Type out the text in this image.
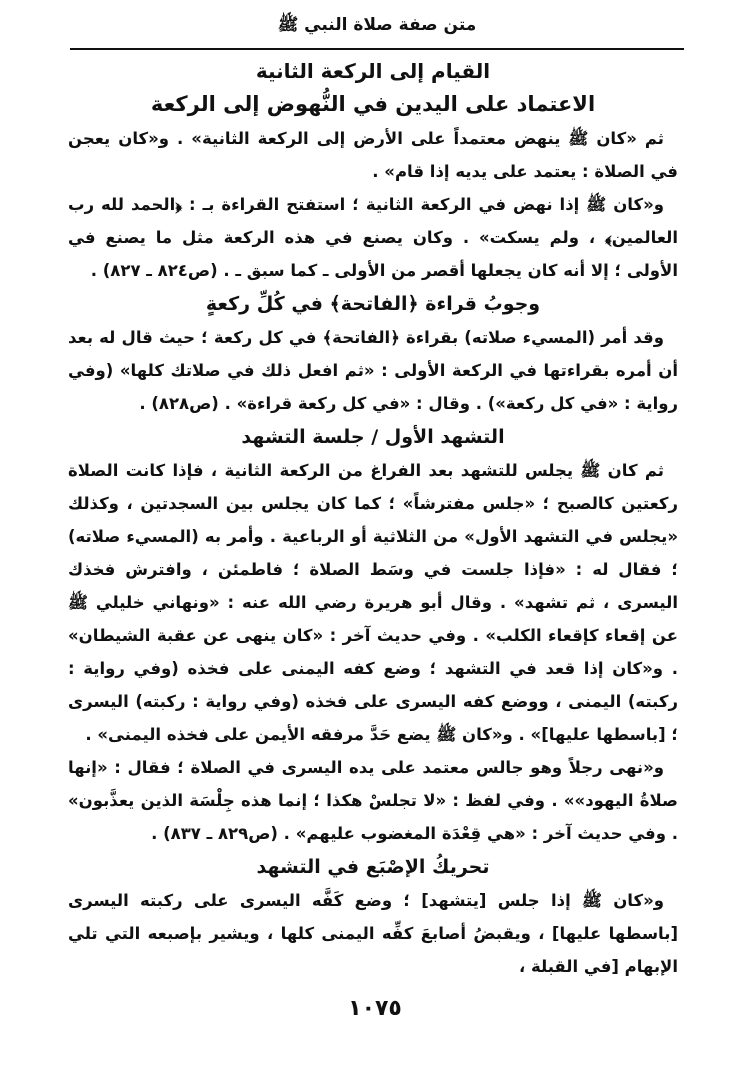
متن صفة صلاة النبي ﷺ
القيام إلى الركعة الثانية
الاعتماد على اليدين في النُّهوض إلى الركعة

ثم «كان ﷺ ينهض معتمداً على الأرض إلى الركعة الثانية» . و«كان يعجن في الصلاة : يعتمد على يديه إذا قام» .

و«كان ﷺ إذا نهض في الركعة الثانية ؛ استفتح القراءة بـ : ﴿الحمد لله رب العالمين﴾ ، ولم يسكت» . وكان يصنع في هذه الركعة مثل ما يصنع في الأولى ؛ إلا أنه كان يجعلها أقصر من الأولى ـ كما سبق ـ . (ص٨٢٤ ـ ٨٢٧) .

وجوبُ قراءة ﴿الفاتحة﴾ في كُلِّ ركعةٍ

وقد أمر (المسيء صلاته) بقراءة ﴿الفاتحة﴾ في كل ركعة ؛ حيث قال له بعد أن أمره بقراءتها في الركعة الأولى : «ثم افعل ذلك في صلاتك كلها» (وفي رواية : «في كل ركعة») . وقال : «في كل ركعة قراءة» . (ص٨٢٨) .

التشهد الأول / جلسة التشهد

ثم كان ﷺ يجلس للتشهد بعد الفراغ من الركعة الثانية ، فإذا كانت الصلاة ركعتين كالصبح ؛ «جلس مفترشاً» ؛ كما كان يجلس بين السجدتين ، وكذلك «يجلس في التشهد الأول» من الثلاثية أو الرباعية . وأمر به (المسيء صلاته) ؛ فقال له : «فإذا جلست في وسَط الصلاة ؛ فاطمئن ، وافترش فخذك اليسرى ، ثم تشهد» . وقال أبو هريرة رضي الله عنه : «ونهاني خليلي ﷺ عن إقعاء كإقعاء الكلب» . وفي حديث آخر : «كان ينهى عن عقبة الشيطان» . و«كان إذا قعد في التشهد ؛ وضع كفه اليمنى على فخذه (وفي رواية : ركبته) اليمنى ، ووضع كفه اليسرى على فخذه (وفي رواية : ركبته) اليسرى ؛ [باسطها عليها]» . و«كان ﷺ يضع حَدَّ مرفقه الأيمن على فخذه اليمنى» .

و«نهى رجلاً وهو جالس معتمد على يده اليسرى في الصلاة ؛ فقال : «إنها صلاةُ اليهود»» . وفي لفظ : «لا تجلسْ هكذا ؛ إنما هذه جِلْسَة الذين يعذَّبون» . وفي حديث آخر : «هي قِعْدَة المغضوب عليهم» . (ص٨٢٩ ـ ٨٣٧) .

تحريكُ الإصْبَع في التشهد

و«كان ﷺ إذا جلس [يتشهد] ؛ وضع كَفَّه اليسرى على ركبته اليسرى [باسطها عليها] ، ويقبضُ أصابعَ كفِّه اليمنى كلها ، ويشير بإصبعه التي تلي الإبهام [في القبلة ،

١٠٧٥
